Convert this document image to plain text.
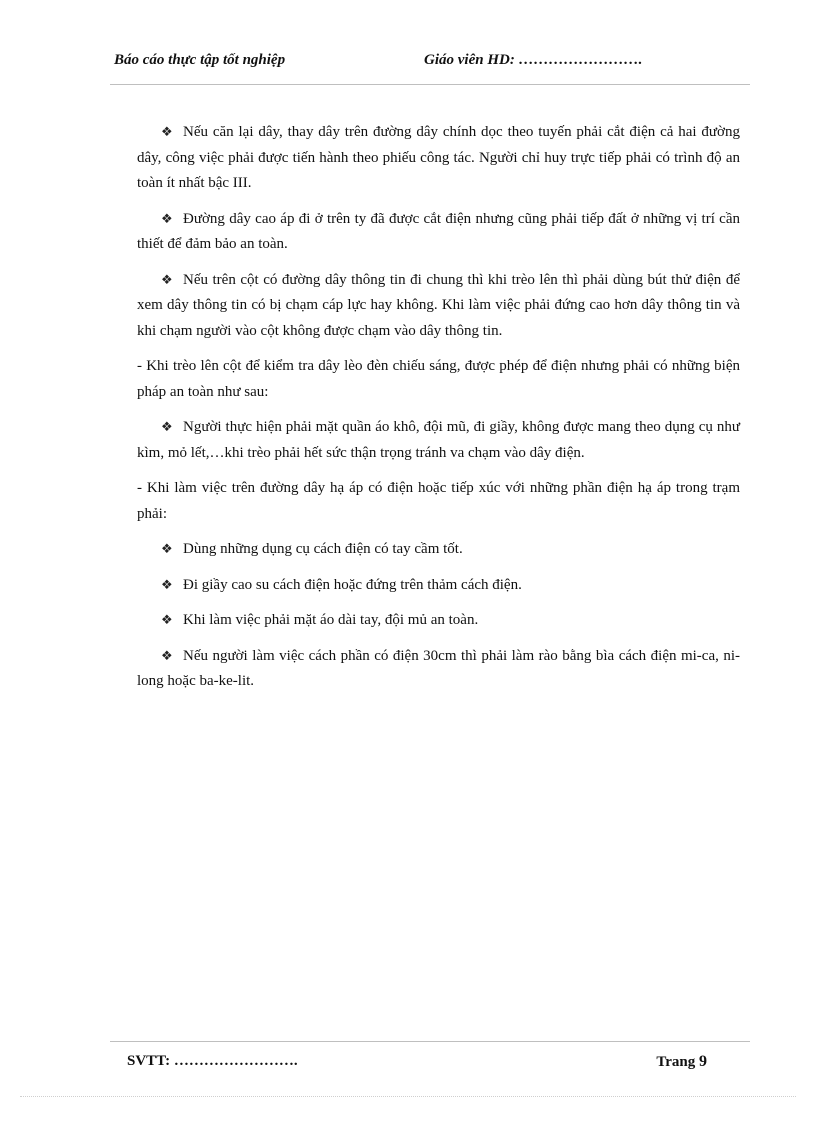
Báo cáo thực tập tốt nghiệp	Giáo viên HD: …………………….

❖ Nếu căn lại dây, thay dây trên đường dây chính dọc theo tuyến phải cắt điện cả hai đường dây, công việc phải được tiến hành theo phiếu công tác. Người chỉ huy trực tiếp phải có trình độ an toàn ít nhất bậc III.

❖ Đường dây cao áp đi ở trên ty đã được cắt điện nhưng cũng phải tiếp đất ở những vị trí cần thiết để đảm bảo an toàn.

❖ Nếu trên cột có đường dây thông tin đi chung thì khi trèo lên thì phải dùng bút thử điện để xem dây thông tin có bị chạm cáp lực hay không. Khi làm việc phải đứng cao hơn dây thông tin và khi chạm người vào cột không được chạm vào dây thông tin.

- Khi trèo lên cột để kiểm tra dây lèo đèn chiếu sáng, được phép để điện nhưng phải có những biện pháp an toàn như sau:

❖ Người thực hiện phải mặt quần áo khô, đội mũ, đi giầy, không được mang theo dụng cụ như kìm, mỏ lết,…khi trèo phải hết sức thận trọng tránh va chạm vào dây điện.

- Khi làm việc trên đường dây hạ áp có điện hoặc tiếp xúc với những phần điện hạ áp trong trạm phải:

❖ Dùng những dụng cụ cách điện có tay cầm tốt.

❖ Đi giầy cao su cách điện hoặc đứng trên thảm cách điện.

❖ Khi làm việc phải mặt áo dài tay, đội mủ an toàn.

❖ Nếu người làm việc cách phần có điện 30cm thì phải làm rào bằng bìa cách điện mi-ca, ni-long hoặc ba-ke-lit.

SVTT: …………………….	Trang 9
